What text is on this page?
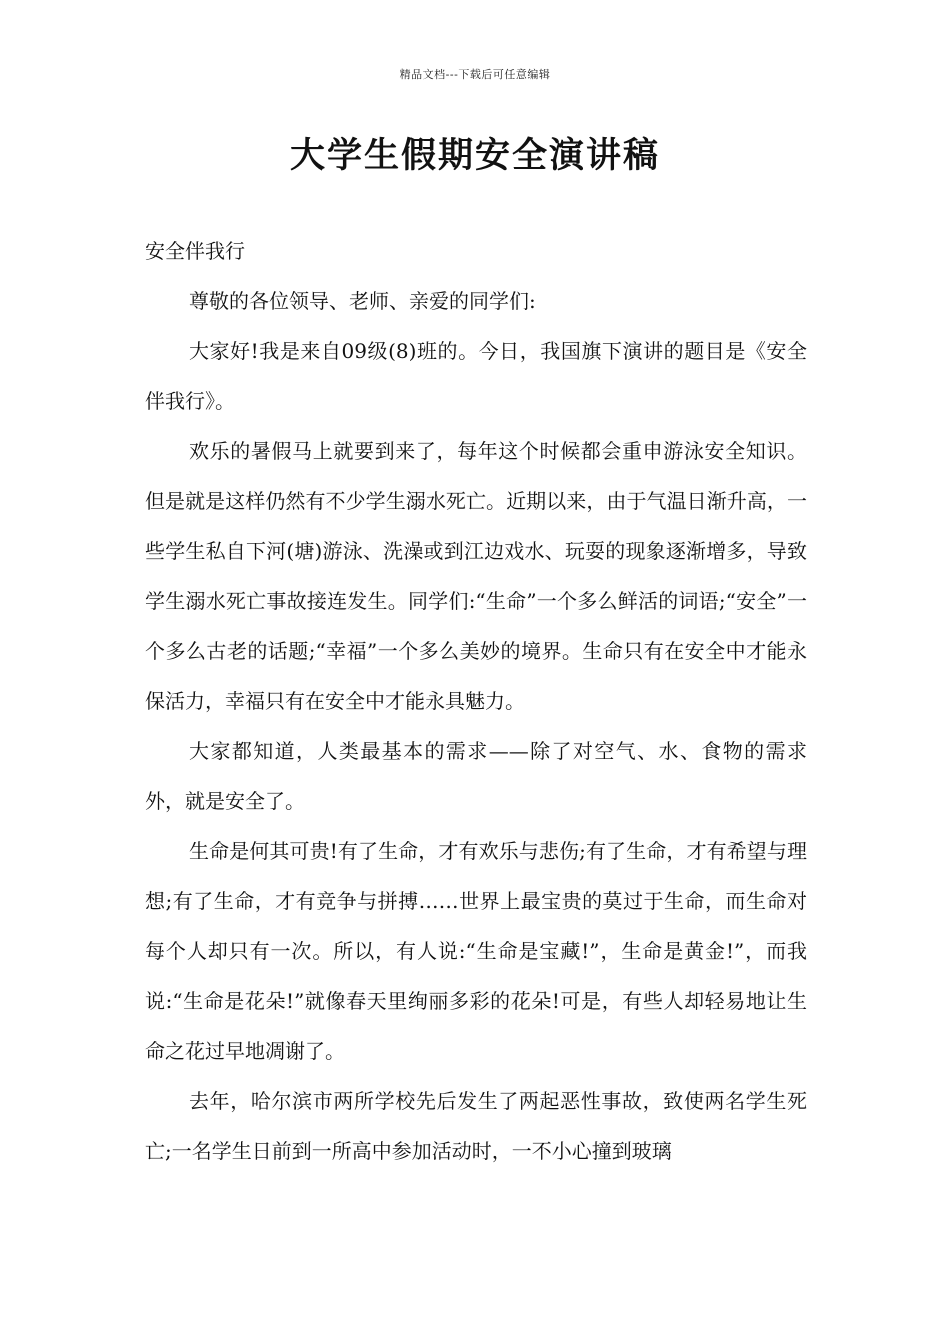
精品文档---下载后可任意编辑
大学生假期安全演讲稿

安全伴我行

尊敬的各位领导、老师、亲爱的同学们:

大家好!我是来自09级(8)班的。今日，我国旗下演讲的题目是《安全伴我行》。

欢乐的暑假马上就要到来了，每年这个时候都会重申游泳安全知识。但是就是这样仍然有不少学生溺水死亡。近期以来，由于气温日渐升高，一些学生私自下河(塘)游泳、洗澡或到江边戏水、玩耍的现象逐渐增多，导致学生溺水死亡事故接连发生。同学们:“生命”一个多么鲜活的词语;“安全”一个多么古老的话题;“幸福”一个多么美妙的境界。生命只有在安全中才能永保活力，幸福只有在安全中才能永具魅力。

大家都知道，人类最基本的需求——除了对空气、水、食物的需求外，就是安全了。

生命是何其可贵!有了生命，才有欢乐与悲伤;有了生命，才有希望与理想;有了生命，才有竞争与拼搏……世界上最宝贵的莫过于生命，而生命对每个人却只有一次。所以，有人说:“生命是宝藏!”，生命是黄金!”，而我说:“生命是花朵!”就像春天里绚丽多彩的花朵!可是，有些人却轻易地让生命之花过早地凋谢了。

去年，哈尔滨市两所学校先后发生了两起恶性事故，致使两名学生死亡;一名学生日前到一所高中参加活动时，一不小心撞到玻璃
